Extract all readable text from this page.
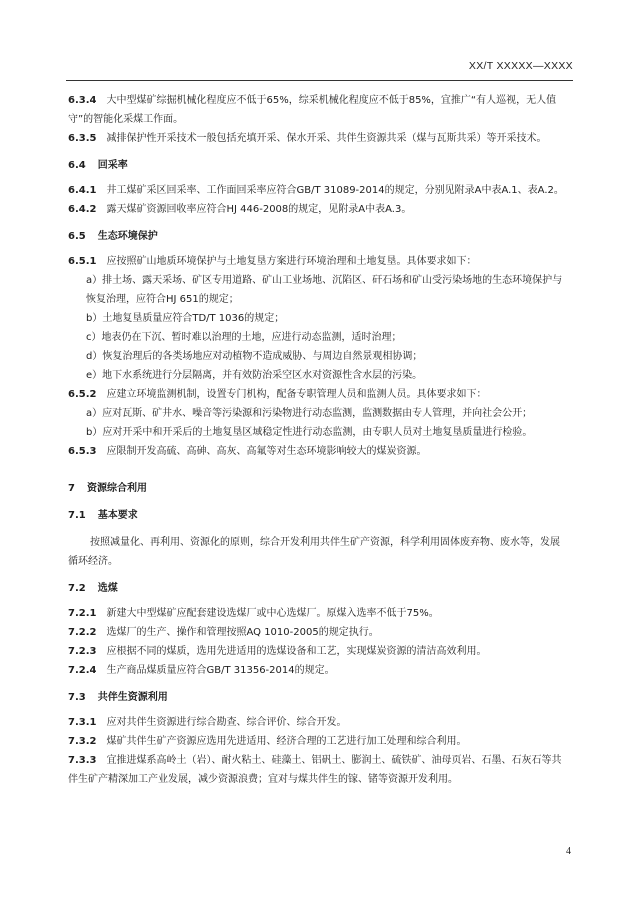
XX/T XXXXX—XXXX

6.3.4 大中型煤矿综掘机械化程度应不低于65%，综采机械化程度应不低于85%，宜推广“有人巡视，无人值守”的智能化采煤工作面。

6.3.5 减排保护性开采技术一般包括充填开采、保水开采、共伴生资源共采（煤与瓦斯共采）等开采技术。

6.4 回采率

6.4.1 井工煤矿采区回采率、工作面回采率应符合GB/T 31089-2014的规定，分别见附录A中表A.1、表A.2。

6.4.2 露天煤矿资源回收率应符合HJ 446-2008的规定，见附录A中表A.3。

6.5 生态环境保护

6.5.1 应按照矿山地质环境保护与土地复垦方案进行环境治理和土地复垦。具体要求如下：

a）排土场、露天采场、矿区专用道路、矿山工业场地、沉陷区、矸石场和矿山受污染场地的生态环境保护与恢复治理，应符合HJ 651的规定；

b）土地复垦质量应符合TD/T 1036的规定；

c）地表仍在下沉、暂时难以治理的土地，应进行动态监测，适时治理；

d）恢复治理后的各类场地应对动植物不造成威胁、与周边自然景观相协调；

e）地下水系统进行分层隔离，并有效防治采空区水对资源性含水层的污染。

6.5.2 应建立环境监测机制，设置专门机构，配备专职管理人员和监测人员。具体要求如下：

a）应对瓦斯、矿井水、噪音等污染源和污染物进行动态监测，监测数据由专人管理，并向社会公开；

b）应对开采中和开采后的土地复垦区域稳定性进行动态监测，由专职人员对土地复垦质量进行检验。

6.5.3 应限制开发高硫、高砷、高灰、高氟等对生态环境影响较大的煤炭资源。

7 资源综合利用

7.1 基本要求

按照减量化、再利用、资源化的原则，综合开发利用共伴生矿产资源，科学利用固体废弃物、废水等，发展循环经济。

7.2 选煤

7.2.1 新建大中型煤矿应配套建设选煤厂或中心选煤厂。原煤入选率不低于75%。

7.2.2 选煤厂的生产、操作和管理按照AQ 1010-2005的规定执行。

7.2.3 应根据不同的煤质，选用先进适用的选煤设备和工艺，实现煤炭资源的清洁高效利用。

7.2.4 生产商品煤质量应符合GB/T 31356-2014的规定。

7.3 共伴生资源利用

7.3.1 应对共伴生资源进行综合勘查、综合评价、综合开发。

7.3.2 煤矿共伴生矿产资源应选用先进适用、经济合理的工艺进行加工处理和综合利用。

7.3.3 宜推进煤系高岭土（岩）、耐火粘土、硅藻土、铝矾土、膨润土、硫铁矿、油母页岩、石墨、石灰石等共伴生矿产精深加工产业发展，减少资源浪费；宜对与煤共伴生的镓、锗等资源开发利用。

4
